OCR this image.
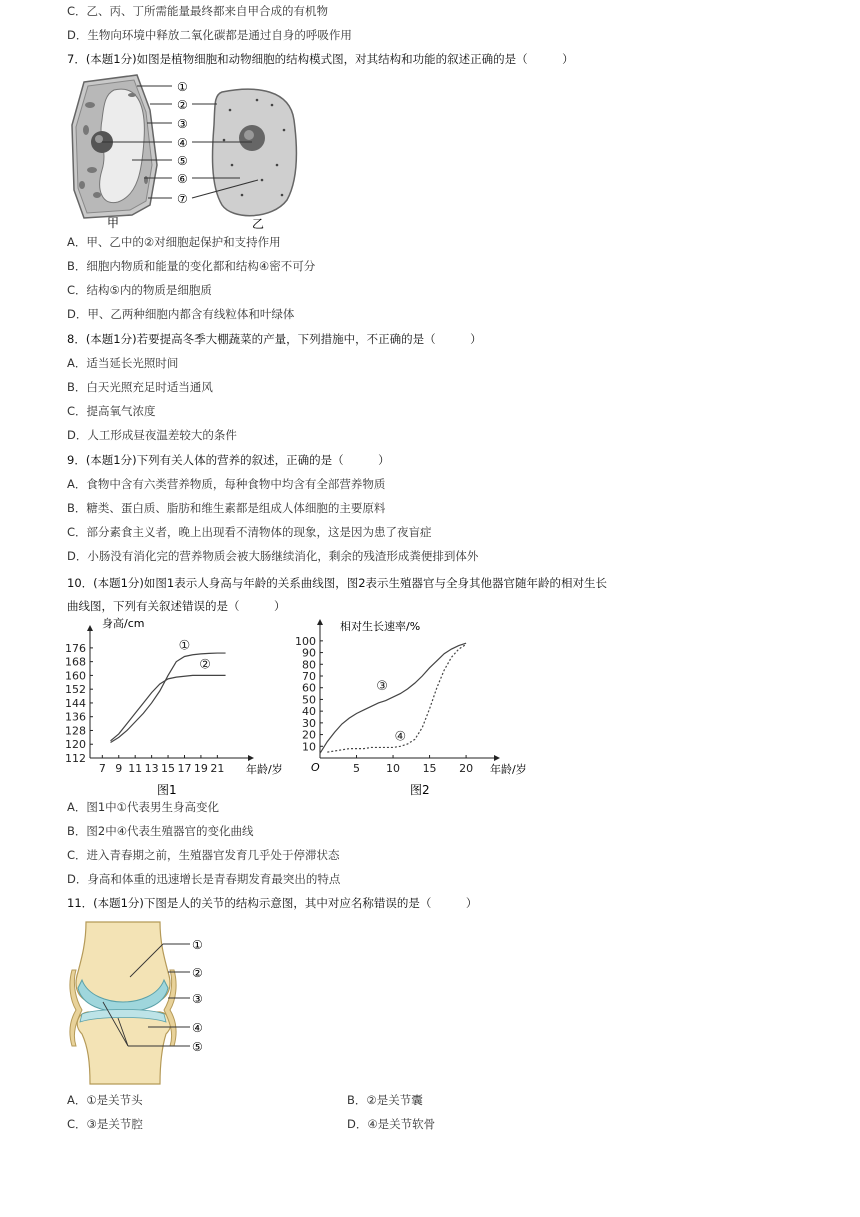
C．乙、丙、丁所需能量最终都来自甲合成的有机物
D．生物向环境中释放二氧化碳都是通过自身的呼吸作用
7．(本题1分)如图是植物细胞和动物细胞的结构模式图，对其结构和功能的叙述正确的是（　　　）
①
②
③
④
⑤
⑥
⑦
甲	乙
A．甲、乙中的②对细胞起保护和支持作用
B．细胞内物质和能量的变化都和结构④密不可分
C．结构⑤内的物质是细胞质
D．甲、乙两种细胞内都含有线粒体和叶绿体
8．(本题1分)若要提高冬季大棚蔬菜的产量，下列措施中，不正确的是（　　　）
A．适当延长光照时间
B．白天光照充足时适当通风
C．提高氧气浓度
D．人工形成昼夜温差较大的条件
9．(本题1分)下列有关人体的营养的叙述，正确的是（　　　）
A．食物中含有六类营养物质，每种食物中均含有全部营养物质
B．糖类、蛋白质、脂肪和维生素都是组成人体细胞的主要原料
C．部分素食主义者，晚上出现看不清物体的现象，这是因为患了夜盲症
D．小肠没有消化完的营养物质会被大肠继续消化，剩余的残渣形成粪便排到体外
10．(本题1分)如图1表示人身高与年龄的关系曲线图，图2表示生殖器官与全身其他器官随年龄的相对生长
曲线图，下列有关叙述错误的是（　　　）
身高/cm
年龄/岁
图1
7 9 11 13 15 17 19 21
112
120
128
136
144
152
160
168
176	①
②
相对生长速率/%
年龄/岁
图2
O	5 10 15 20
10
20
30
40
50
60
70
80
90
100
③
④
A．图1中①代表男生身高变化
B．图2中④代表生殖器官的变化曲线
C．进入青春期之前，生殖器官发育几乎处于停滞状态
D．身高和体重的迅速增长是青春期发育最突出的特点
11．(本题1分)下图是人的关节的结构示意图，其中对应名称错误的是（　　　）
①
②
③
④
⑤
A．①是关节头	B．②是关节囊
C．③是关节腔	D．④是关节软骨
